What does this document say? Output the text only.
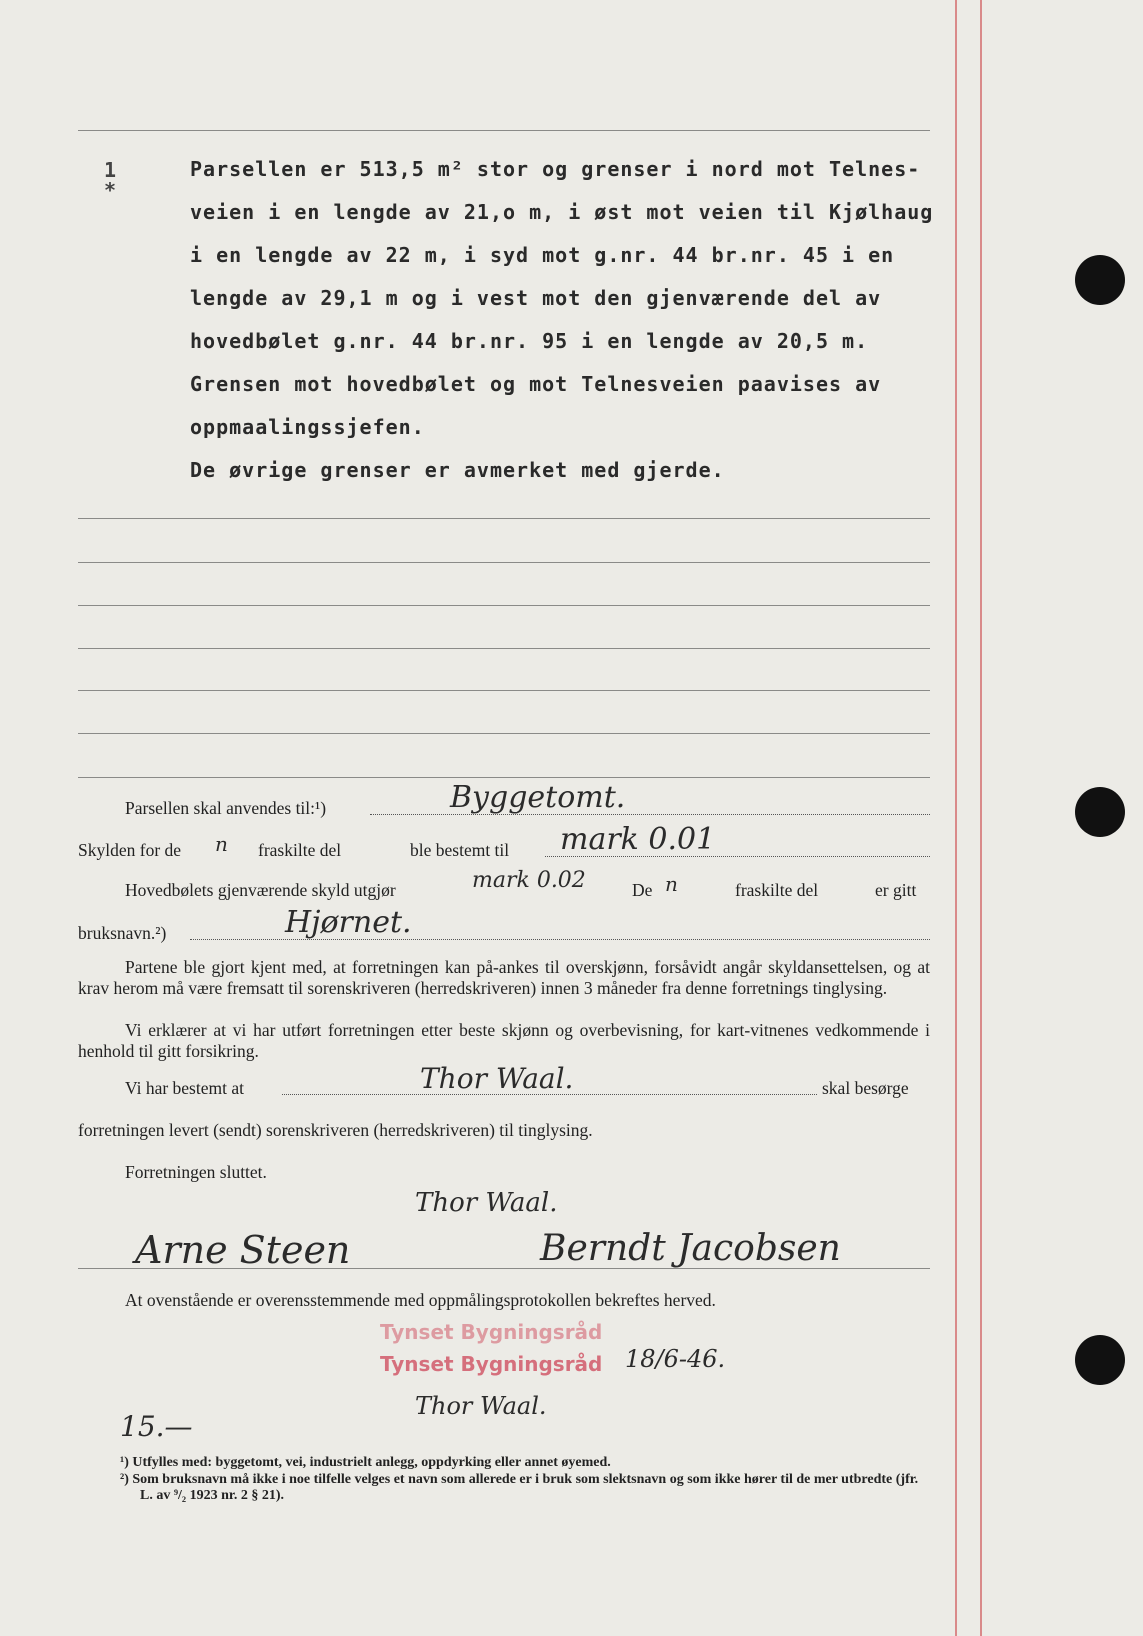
1
*
Parsellen er 513,5 m² stor og grenser i nord mot Telnes-
veien i en lengde av 21,o m, i øst mot veien til Kjølhaug
i en lengde av 22 m, i syd mot g.nr. 44 br.nr. 45 i en
lengde av 29,1 m og i vest mot den gjenværende del av
hovedbølet g.nr. 44 br.nr. 95 i en lengde av 20,5 m.
Grensen mot hovedbølet og mot Telnesveien paavises av
oppmaalingssjefen.
De øvrige grenser er avmerket med gjerde.
Parsellen skal anvendes til:¹)	Byggetomt.
Skylden for de n fraskilte del	ble bestemt til mark 0.01
Hovedbølets gjenværende skyld utgjør	mark 0.02	De n	fraskilte del	er gitt
bruksnavn.²)	Hjørnet.
Partene ble gjort kjent med, at forretningen kan på-ankes til overskjønn, forsåvidt angår skyldansettelsen, og at krav herom må være fremsatt til sorenskriveren (herredskriveren) innen 3 måneder fra denne forretnings tinglysing.
Vi erklærer at vi har utført forretningen etter beste skjønn og overbevisning, for kart-vitnenes vedkommende i henhold til gitt forsikring.
Vi har bestemt at	Thor Waal.	skal besørge
forretningen levert (sendt) sorenskriveren (herredskriveren) til tinglysing.
Forretningen sluttet.
Thor Waal.
Arne Steen	Berndt Jacobsen
At ovenstående er overensstemmende med oppmålingsprotokollen bekreftes herved.
Tynset Bygningsråd
Tynset Bygningsråd 18/6-46.
Thor Waal.
15.—
¹) Utfylles med: byggetomt, vei, industrielt anlegg, oppdyrking eller annet øyemed.
²) Som bruksnavn må ikke i noe tilfelle velges et navn som allerede er i bruk som slektsnavn og som ikke hører til de mer utbredte (jfr. L. av ⁹/₂ 1923 nr. 2 § 21).
